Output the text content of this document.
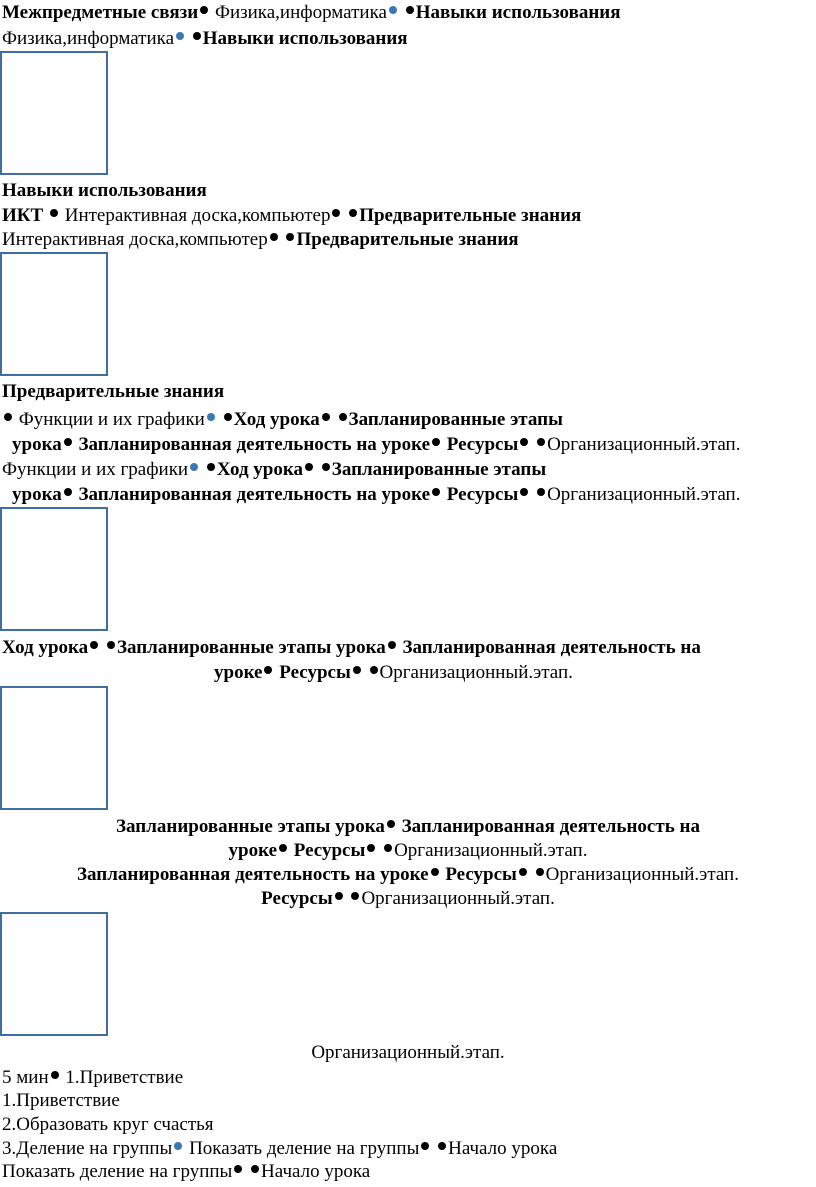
Межпредметные связи Физика,информатика Навыки использования
Физика,информатика Навыки использования
Навыки использования
ИКТ  Интерактивная доска,компьютер Предварительные знания
Интерактивная доска,компьютер Предварительные знания
Предварительные знания
Функции и их графики Ход урока Запланированные этапы
урока Запланированная деятельность на уроке Ресурсы Организационный.этап.
Функции и их графики Ход урока Запланированные этапы
урока Запланированная деятельность на уроке Ресурсы Организационный.этап.
Ход урока Запланированные этапы урока Запланированная деятельность на
уроке Ресурсы Организационный.этап.
Запланированные этапы урока Запланированная деятельность на
уроке Ресурсы Организационный.этап.
Запланированная деятельность на уроке Ресурсы Организационный.этап.
Ресурсы Организационный.этап.
Организационный.этап.
5 мин 1.Приветствие
1.Приветствие
2.Образовать круг счастья
3.Деление на группы Показать деление на группы Начало урока
Показать деление на группы Начало урока
